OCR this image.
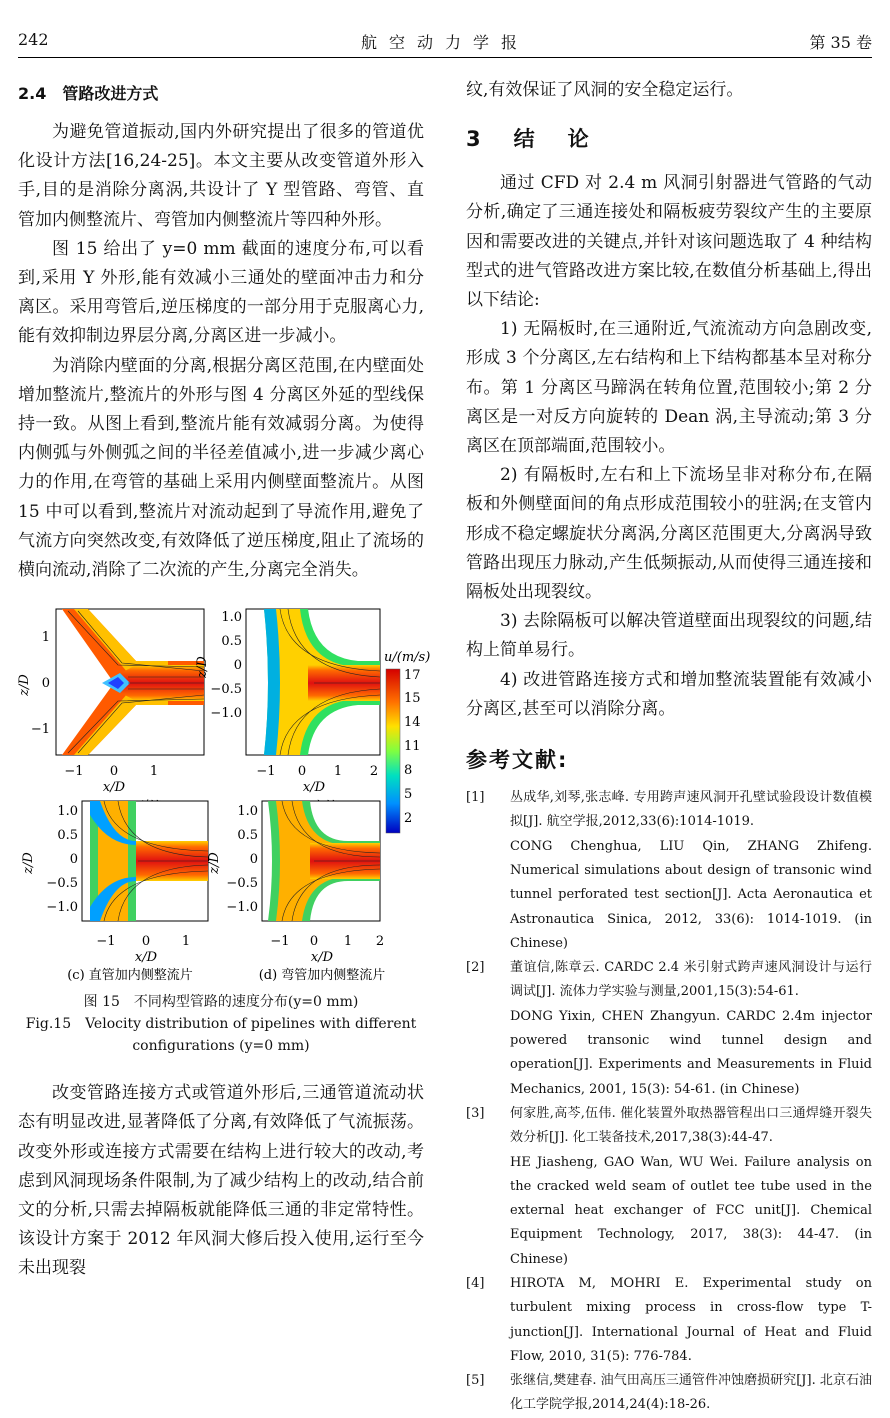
242	航空动力学报	第 35 卷
2.4　管路改进方式

为避免管道振动,国内外研究提出了很多的管道优化设计方法[16,24-25]。本文主要从改变管道外形入手,目的是消除分离涡,共设计了 Y 型管路、弯管、直管加内侧整流片、弯管加内侧整流片等四种外形。

图 15 给出了 y=0 mm 截面的速度分布,可以看到,采用 Y 外形,能有效减小三通处的壁面冲击力和分离区。采用弯管后,逆压梯度的一部分用于克服离心力,能有效抑制边界层分离,分离区进一步减小。

为消除内壁面的分离,根据分离区范围,在内壁面处增加整流片,整流片的外形与图 4 分离区外延的型线保持一致。从图上看到,整流片能有效减弱分离。为使得内侧弧与外侧弧之间的半径差值减小,进一步减少离心力的作用,在弯管的基础上采用内侧壁面整流片。从图 15 中可以看到,整流片对流动起到了导流作用,避免了气流方向突然改变,有效降低了逆压梯度,阻止了流场的横向流动,消除了二次流的产生,分离完全消失。

−1 0 1
1
0
−1
x/D
z/D
−1 0 1 2
1.0
0.5
0
−0.5
−1.0
x/D
z/D	u/(m/s)
17
15
14
11
8
5
2
−1 0 1
1.0
0.5
0
−0.5
−1.0
x/D
z/D
(c) 直管加内侧整流片
−1 0 1 2
1.0
0.5
0
−0.5
−1.0
x/D
z/D
(d) 弯管加内侧整流片
图 15　不同构型管路的速度分布(y=0 mm)
Fig.15　Velocity distribution of pipelines with different
configurations (y=0 mm)

改变管路连接方式或管道外形后,三通管道流动状态有明显改进,显著降低了分离,有效降低了气流振荡。改变外形或连接方式需要在结构上进行较大的改动,考虑到风洞现场条件限制,为了减少结构上的改动,结合前文的分析,只需去掉隔板就能降低三通的非定常特性。该设计方案于 2012 年风洞大修后投入使用,运行至今未出现裂

纹,有效保证了风洞的安全稳定运行。

3　结　论

通过 CFD 对 2.4 m 风洞引射器进气管路的气动分析,确定了三通连接处和隔板疲劳裂纹产生的主要原因和需要改进的关键点,并针对该问题选取了 4 种结构型式的进气管路改进方案比较,在数值分析基础上,得出以下结论:

1) 无隔板时,在三通附近,气流流动方向急剧改变,形成 3 个分离区,左右结构和上下结构都基本呈对称分布。第 1 分离区马蹄涡在转角位置,范围较小;第 2 分离区是一对反方向旋转的 Dean 涡,主导流动;第 3 分离区在顶部端面,范围较小。

2) 有隔板时,左右和上下流场呈非对称分布,在隔板和外侧壁面间的角点形成范围较小的驻涡;在支管内形成不稳定螺旋状分离涡,分离区范围更大,分离涡导致管路出现压力脉动,产生低频振动,从而使得三通连接和隔板处出现裂纹。

3) 去除隔板可以解决管道壁面出现裂纹的问题,结构上简单易行。

4) 改进管路连接方式和增加整流装置能有效减小分离区,甚至可以消除分离。

参考文献:
[1] 丛成华,刘琴,张志峰. 专用跨声速风洞开孔壁试验段设计数值模拟[J]. 航空学报,2012,33(6):1014-1019.
CONG Chenghua, LIU Qin, ZHANG Zhifeng. Numerical simulations about design of transonic wind tunnel perforated test section[J]. Acta Aeronautica et Astronautica Sinica, 2012, 33(6): 1014-1019. (in Chinese)
[2] 董谊信,陈章云. CARDC 2.4 米引射式跨声速风洞设计与运行调试[J]. 流体力学实验与测量,2001,15(3):54-61.
DONG Yixin, CHEN Zhangyun. CARDC 2.4m injector powered transonic wind tunnel design and operation[J]. Experiments and Measurements in Fluid Mechanics, 2001, 15(3): 54-61. (in Chinese)
[3] 何家胜,高芩,伍伟. 催化装置外取热器管程出口三通焊缝开裂失效分析[J]. 化工装备技术,2017,38(3):44-47.
HE Jiasheng, GAO Wan, WU Wei. Failure analysis on the cracked weld seam of outlet tee tube used in the external heat exchanger of FCC unit[J]. Chemical Equipment Technology, 2017, 38(3): 44-47. (in Chinese)
[4] HIROTA M, MOHRI E. Experimental study on turbulent mixing process in cross-flow type T-junction[J]. International Journal of Heat and Fluid Flow, 2010, 31(5): 776-784.
[5] 张继信,樊建春. 油气田高压三通管件冲蚀磨损研究[J]. 北京石油化工学院学报,2014,24(4):18-26.
